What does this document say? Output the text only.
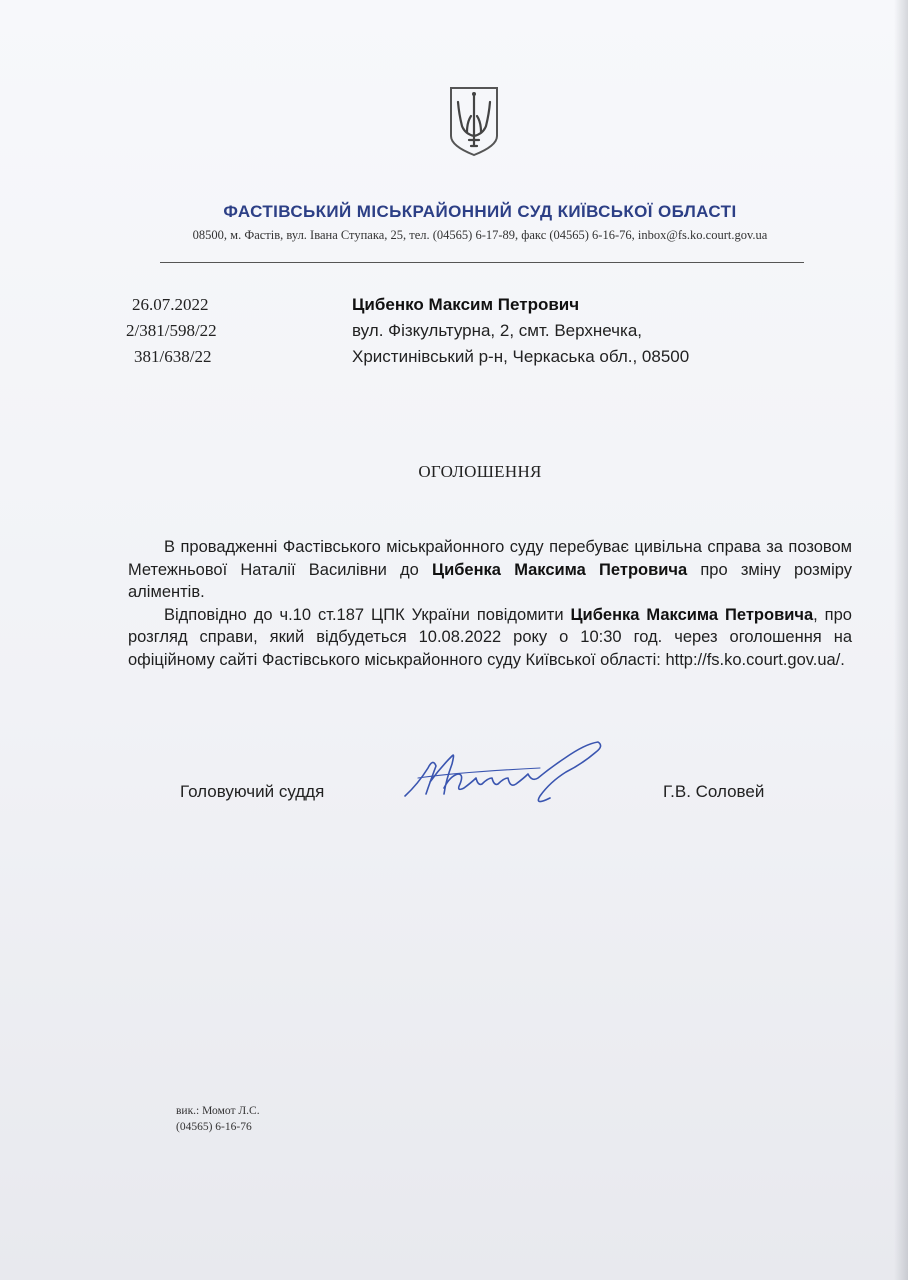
ФАСТІВСЬКИЙ МІСЬКРАЙОННИЙ СУД КИЇВСЬКОЇ ОБЛАСТІ
08500, м. Фастів, вул. Івана Ступака, 25, тел. (04565) 6-17-89, факс (04565) 6-16-76, inbox@fs.ko.court.gov.ua
26.07.2022
2/381/598/22
381/638/22
Цибенко Максим Петрович
вул. Фізкультурна, 2, смт. Верхнечка,
Христинівський р-н, Черкаська обл., 08500
ОГОЛОШЕННЯ

В провадженні Фастівського міськрайонного суду перебуває цивільна справа за позовом Метежньової Наталії Василівни до Цибенка Максима Петровича про зміну розміру аліментів.

Відповідно до ч.10 ст.187 ЦПК України повідомити Цибенка Максима Петровича, про розгляд справи, який відбудеться 10.08.2022 року о 10:30 год. через оголошення на офіційному сайті Фастівського міськрайонного суду Київської області: http://fs.ko.court.gov.ua/.

Головуючий суддя	Г.В. Соловей
вик.: Момот Л.С.
(04565) 6-16-76
